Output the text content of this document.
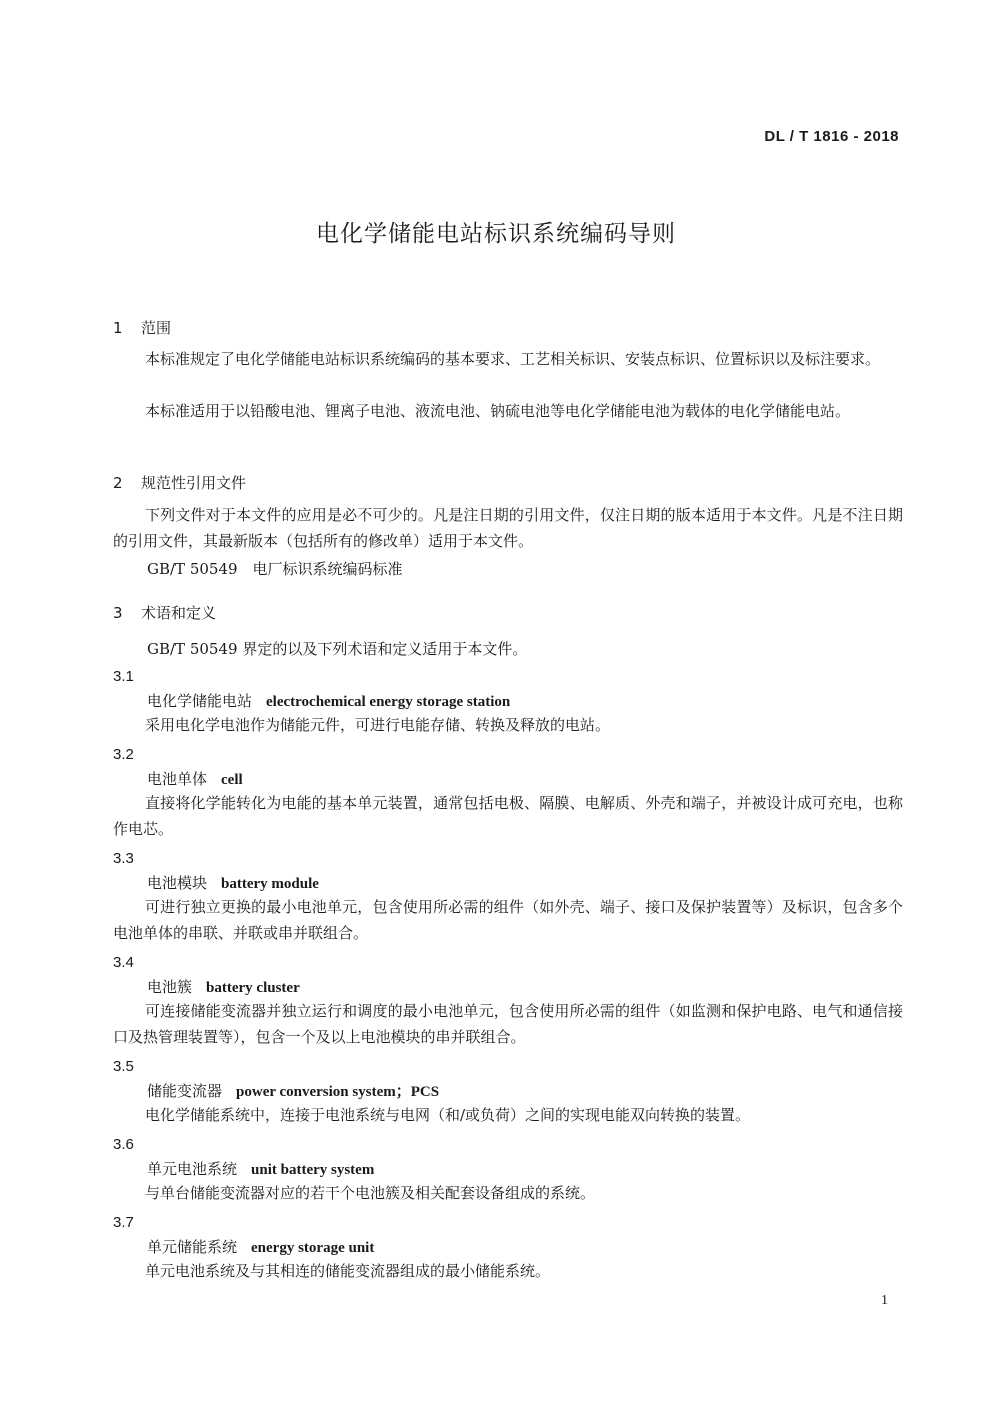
DL / T 1816 - 2018
电化学储能电站标识系统编码导则
1 范围
本标准规定了电化学储能电站标识系统编码的基本要求、工艺相关标识、安装点标识、位置标识以及标注要求。
本标准适用于以铅酸电池、锂离子电池、液流电池、钠硫电池等电化学储能电池为载体的电化学储能电站。
2 规范性引用文件
下列文件对于本文件的应用是必不可少的。凡是注日期的引用文件，仅注日期的版本适用于本文件。凡是不注日期的引用文件，其最新版本（包括所有的修改单）适用于本文件。
GB/T 50549　电厂标识系统编码标准
3 术语和定义
GB/T 50549 界定的以及下列术语和定义适用于本文件。
3.1
电化学储能电站 electrochemical energy storage station
采用电化学电池作为储能元件，可进行电能存储、转换及释放的电站。
3.2
电池单体 cell
直接将化学能转化为电能的基本单元装置，通常包括电极、隔膜、电解质、外壳和端子，并被设计成可充电，也称作电芯。
3.3
电池模块 battery module
可进行独立更换的最小电池单元，包含使用所必需的组件（如外壳、端子、接口及保护装置等）及标识，包含多个电池单体的串联、并联或串并联组合。
3.4
电池簇 battery cluster
可连接储能变流器并独立运行和调度的最小电池单元，包含使用所必需的组件（如监测和保护电路、电气和通信接口及热管理装置等），包含一个及以上电池模块的串并联组合。
3.5
储能变流器 power conversion system；PCS
电化学储能系统中，连接于电池系统与电网（和/或负荷）之间的实现电能双向转换的装置。
3.6
单元电池系统 unit battery system
与单台储能变流器对应的若干个电池簇及相关配套设备组成的系统。
3.7
单元储能系统 energy storage unit
单元电池系统及与其相连的储能变流器组成的最小储能系统。
1
